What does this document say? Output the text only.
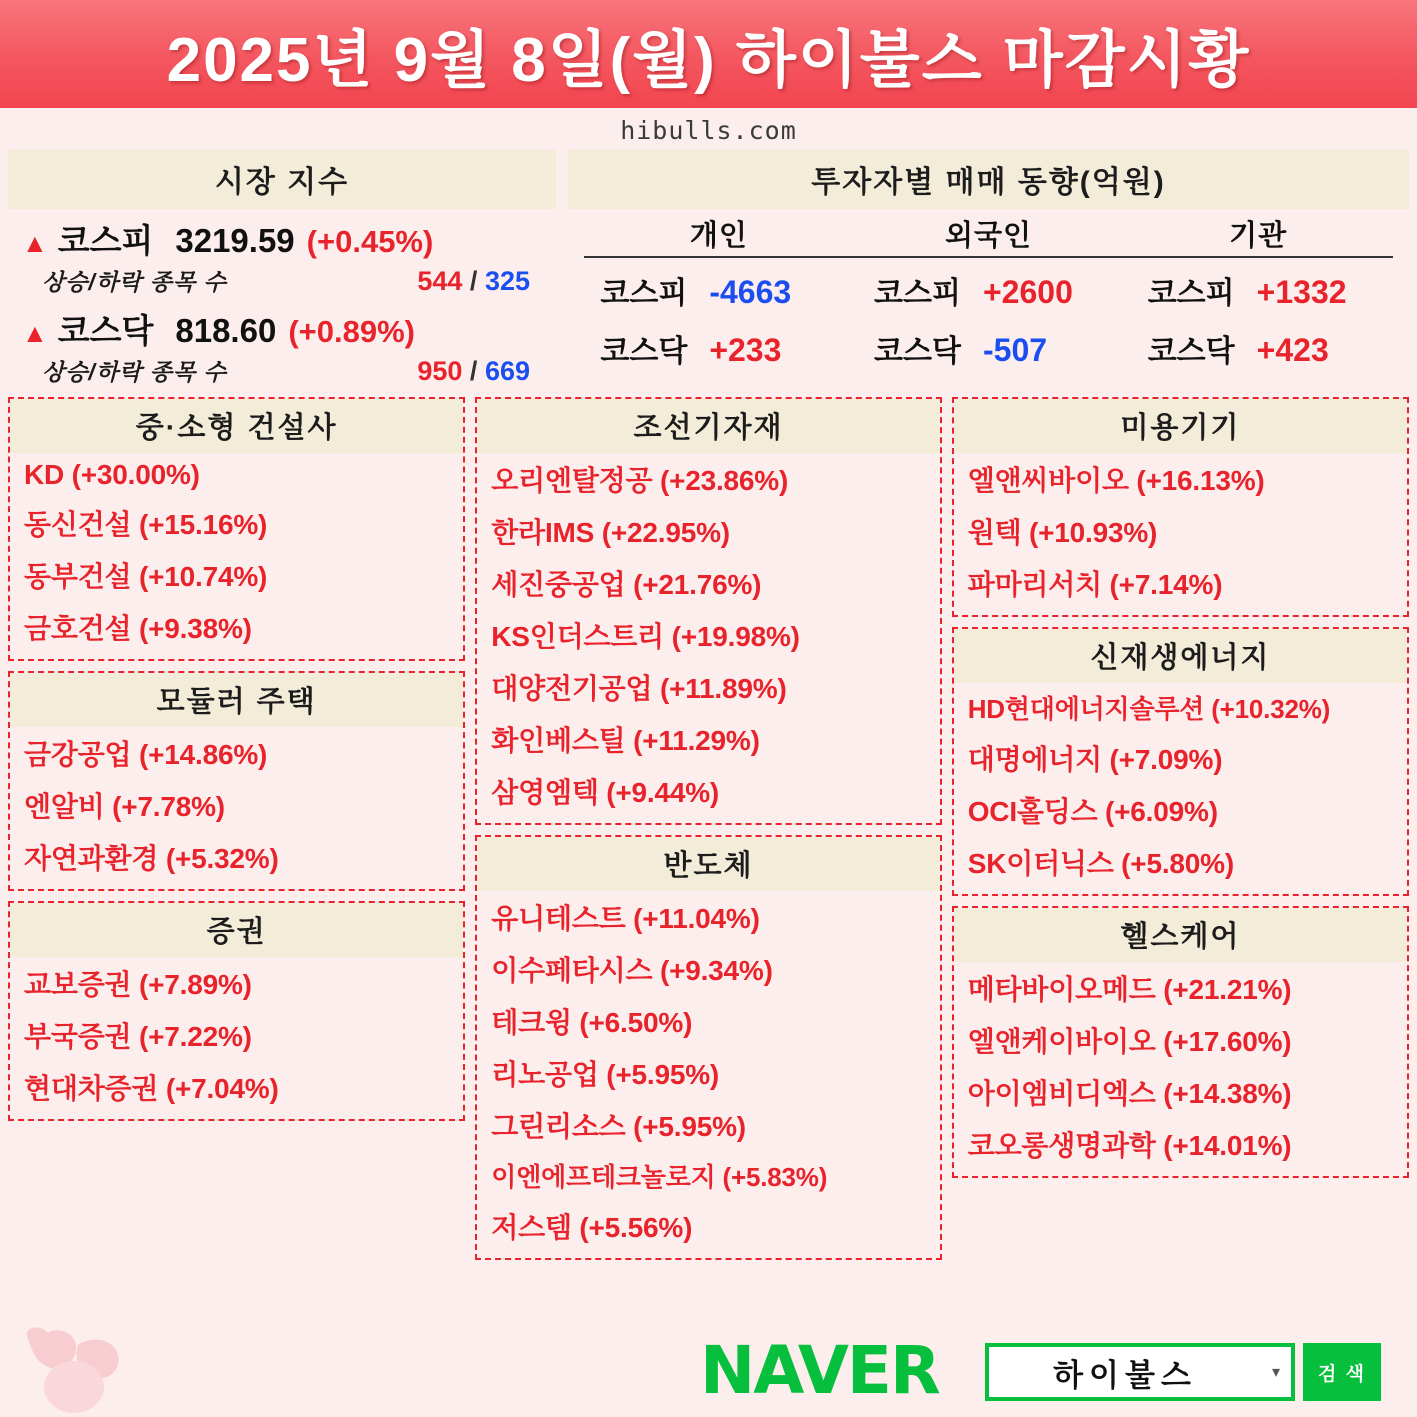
2025년 9월 8일(월) 하이불스 마감시황
hibulls.com
시장 지수
▲ 코스피 3219.59 (+0.45%)
상승/하락 종목 수	544 / 325
▲ 코스닥 818.60 (+0.89%)
상승/하락 종목 수	950 / 669
투자자별 매매 동향(억원)
개인	외국인	기관
코스피 -4663	코스피 +2600	코스피 +1332
코스닥 +233	코스닥 -507	코스닥 +423
중·소형 건설사
KD (+30.00%)
동신건설 (+15.16%)
동부건설 (+10.74%)
금호건설 (+9.38%)
모듈러 주택
금강공업 (+14.86%)
엔알비 (+7.78%)
자연과환경 (+5.32%)
증권
교보증권 (+7.89%)
부국증권 (+7.22%)
현대차증권 (+7.04%)
조선기자재
오리엔탈정공 (+23.86%)
한라IMS (+22.95%)
세진중공업 (+21.76%)
KS인더스트리 (+19.98%)
대양전기공업 (+11.89%)
화인베스틸 (+11.29%)
삼영엠텍 (+9.44%)
반도체
유니테스트 (+11.04%)
이수페타시스 (+9.34%)
테크윙 (+6.50%)
리노공업 (+5.95%)
그린리소스 (+5.95%)
이엔에프테크놀로지 (+5.83%)
저스템 (+5.56%)
미용기기
엘앤씨바이오 (+16.13%)
원텍 (+10.93%)
파마리서치 (+7.14%)
신재생에너지
HD현대에너지솔루션 (+10.32%)
대명에너지 (+7.09%)
OCI홀딩스 (+6.09%)
SK이터닉스 (+5.80%)
헬스케어
메타바이오메드 (+21.21%)
엘앤케이바이오 (+17.60%)
아이엠비디엑스 (+14.38%)
코오롱생명과학 (+14.01%)
NAVER	하이불스	▾	검 색
